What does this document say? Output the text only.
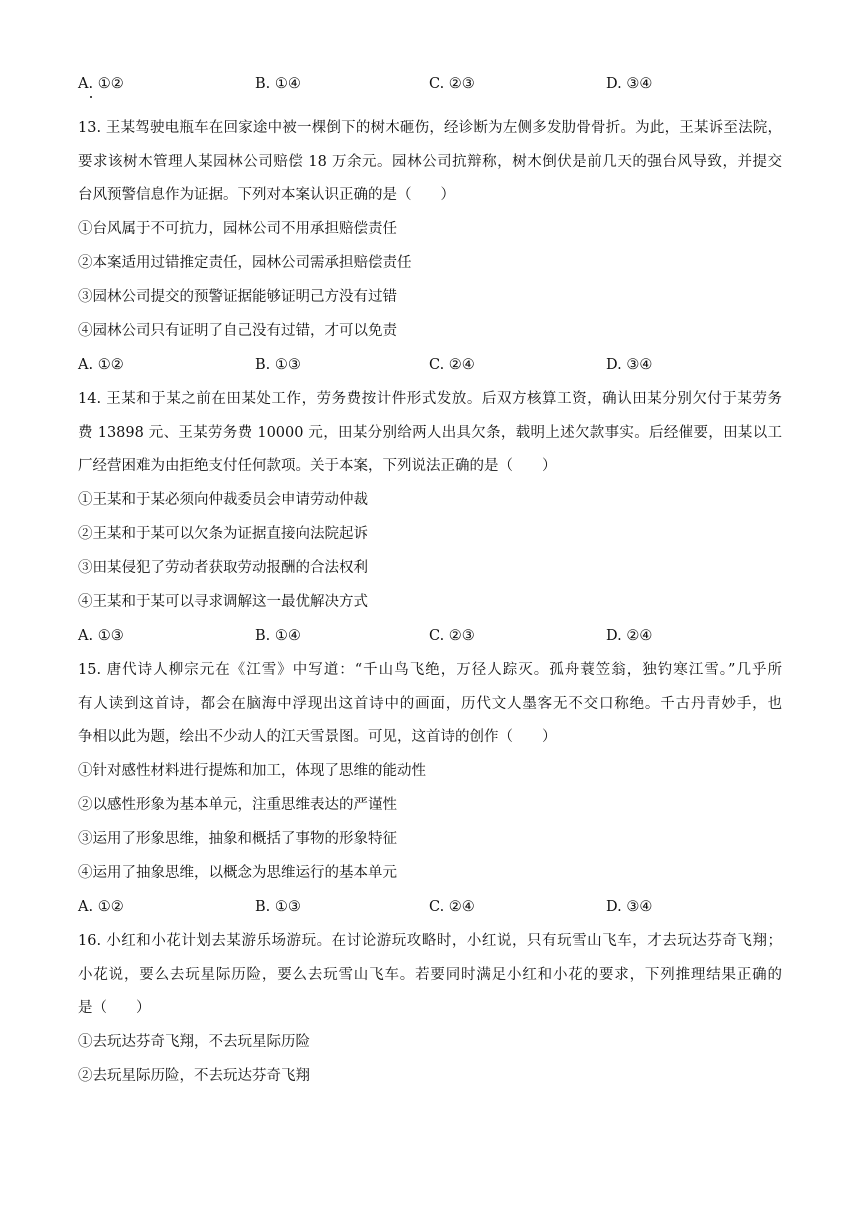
A. ①②	B. ①④	C. ②③	D. ③④
13. 王某驾驶电瓶车在回家途中被一棵倒下的树木砸伤，经诊断为左侧多发肋骨骨折。为此，王某诉至法院，
要求该树木管理人某园林公司赔偿 18 万余元。园林公司抗辩称，树木倒伏是前几天的强台风导致，并提交
台风预警信息作为证据。下列对本案认识正确的是（　　）
①台风属于不可抗力，园林公司不用承担赔偿责任
②本案适用过错推定责任，园林公司需承担赔偿责任
③园林公司提交的预警证据能够证明己方没有过错
④园林公司只有证明了自己没有过错，才可以免责
A. ①②	B. ①③	C. ②④	D. ③④
14. 王某和于某之前在田某处工作，劳务费按计件形式发放。后双方核算工资，确认田某分别欠付于某劳务
费 13898 元、王某劳务费 10000 元，田某分别给两人出具欠条，载明上述欠款事实。后经催要，田某以工
厂经营困难为由拒绝支付任何款项。关于本案，下列说法正确的是（　　）
①王某和于某必须向仲裁委员会申请劳动仲裁
②王某和于某可以欠条为证据直接向法院起诉
③田某侵犯了劳动者获取劳动报酬的合法权利
④王某和于某可以寻求调解这一最优解决方式
A. ①③	B. ①④	C. ②③	D. ②④
15. 唐代诗人柳宗元在《江雪》中写道：“千山鸟飞绝，万径人踪灭。孤舟蓑笠翁，独钓寒江雪。”几乎所
有人读到这首诗，都会在脑海中浮现出这首诗中的画面，历代文人墨客无不交口称绝。千古丹青妙手，也
争相以此为题，绘出不少动人的江天雪景图。可见，这首诗的创作（　　）
①针对感性材料进行提炼和加工，体现了思维的能动性
②以感性形象为基本单元，注重思维表达的严谨性
③运用了形象思维，抽象和概括了事物的形象特征
④运用了抽象思维，以概念为思维运行的基本单元
A. ①②	B. ①③	C. ②④	D. ③④
16. 小红和小花计划去某游乐场游玩。在讨论游玩攻略时，小红说，只有玩雪山飞车，才去玩达芬奇飞翔；
小花说，要么去玩星际历险，要么去玩雪山飞车。若要同时满足小红和小花的要求，下列推理结果正确的
是（　　）
①去玩达芬奇飞翔，不去玩星际历险
②去玩星际历险，不去玩达芬奇飞翔
